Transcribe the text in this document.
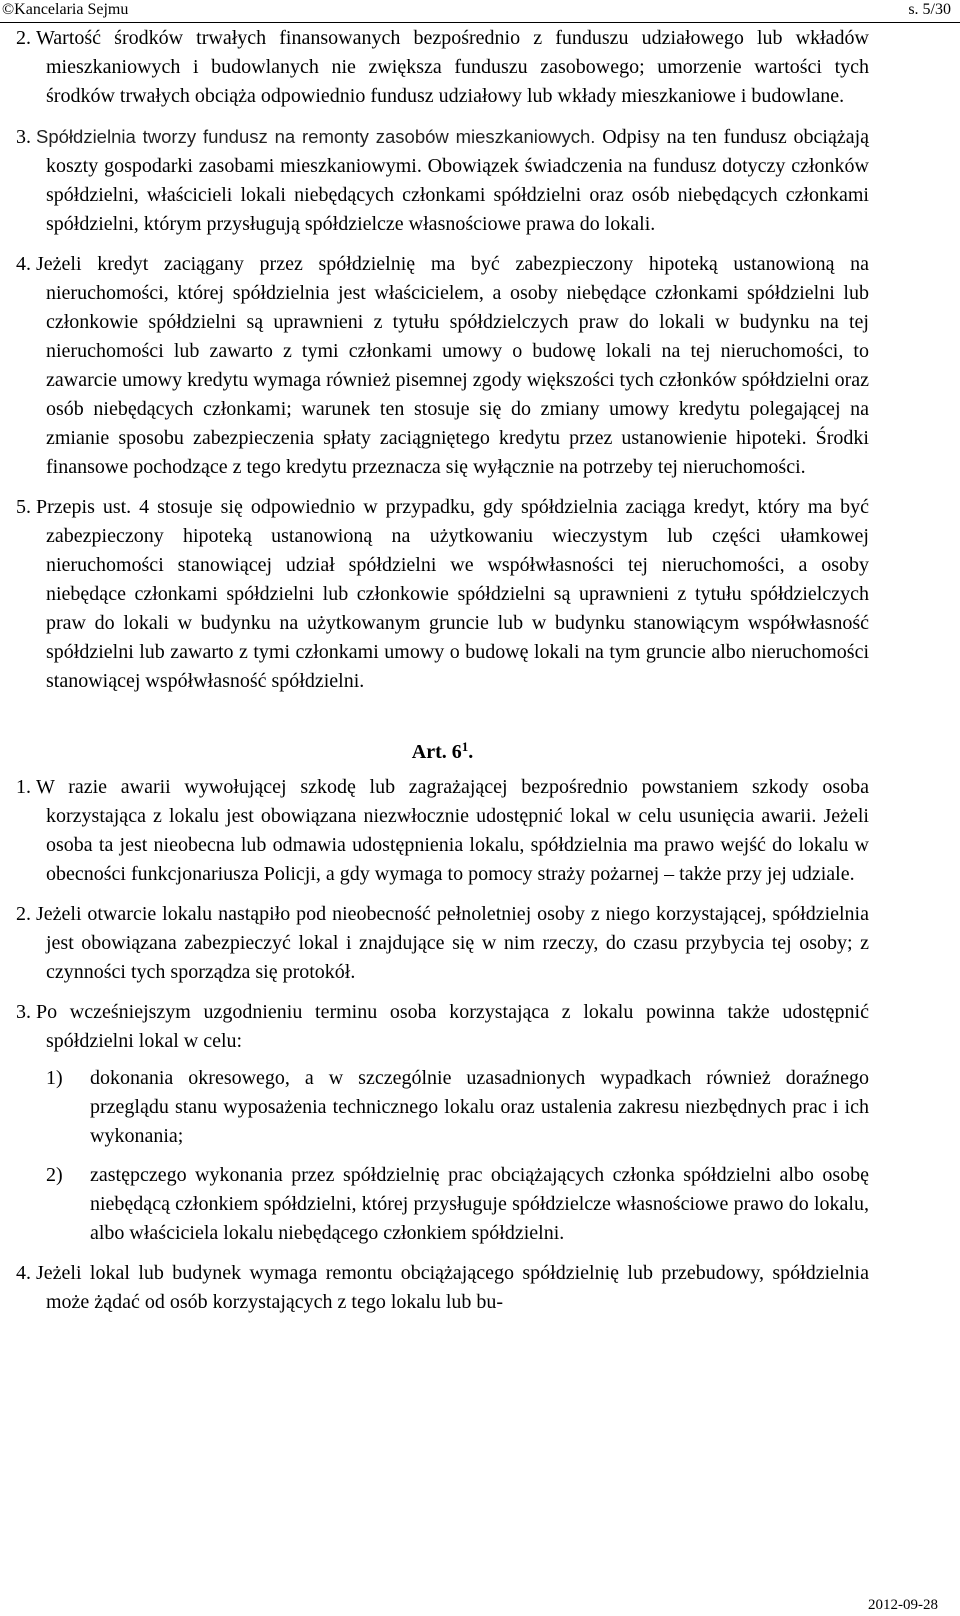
©Kancelaria Sejmu	s. 5/30

2. Wartość środków trwałych finansowanych bezpośrednio z funduszu udziałowego lub wkładów mieszkaniowych i budowlanych nie zwiększa funduszu zasobowego; umorzenie wartości tych środków trwałych obciąża odpowiednio fundusz udziałowy lub wkłady mieszkaniowe i budowlane.

3. Spółdzielnia tworzy fundusz na remonty zasobów mieszkaniowych. Odpisy na ten fundusz obciążają koszty gospodarki zasobami mieszkaniowymi. Obowiązek świadczenia na fundusz dotyczy członków spółdzielni, właścicieli lokali niebędących członkami spółdzielni oraz osób niebędących członkami spółdzielni, którym przysługują spółdzielcze własnościowe prawa do lokali.

4. Jeżeli kredyt zaciągany przez spółdzielnię ma być zabezpieczony hipoteką ustanowioną na nieruchomości, której spółdzielnia jest właścicielem, a osoby niebędące członkami spółdzielni lub członkowie spółdzielni są uprawnieni z tytułu spółdzielczych praw do lokali w budynku na tej nieruchomości lub zawarto z tymi członkami umowy o budowę lokali na tej nieruchomości, to zawarcie umowy kredytu wymaga również pisemnej zgody większości tych członków spółdzielni oraz osób niebędących członkami; warunek ten stosuje się do zmiany umowy kredytu polegającej na zmianie sposobu zabezpieczenia spłaty zaciągniętego kredytu przez ustanowienie hipoteki. Środki finansowe pochodzące z tego kredytu przeznacza się wyłącznie na potrzeby tej nieruchomości.

5. Przepis ust. 4 stosuje się odpowiednio w przypadku, gdy spółdzielnia zaciąga kredyt, który ma być zabezpieczony hipoteką ustanowioną na użytkowaniu wieczystym lub części ułamkowej nieruchomości stanowiącej udział spółdzielni we współwłasności tej nieruchomości, a osoby niebędące członkami spółdzielni lub członkowie spółdzielni są uprawnieni z tytułu spółdzielczych praw do lokali w budynku na użytkowanym gruncie lub w budynku stanowiącym współwłasność spółdzielni lub zawarto z tymi członkami umowy o budowę lokali na tym gruncie albo nieruchomości stanowiącej współwłasność spółdzielni.

Art. $6^1$.

1. W razie awarii wywołującej szkodę lub zagrażającej bezpośrednio powstaniem szkody osoba korzystająca z lokalu jest obowiązana niezwłocznie udostępnić lokal w celu usunięcia awarii. Jeżeli osoba ta jest nieobecna lub odmawia udostępnienia lokalu, spółdzielnia ma prawo wejść do lokalu w obecności funkcjonariusza Policji, a gdy wymaga to pomocy straży pożarnej – także przy jej udziale.

2. Jeżeli otwarcie lokalu nastąpiło pod nieobecność pełnoletniej osoby z niego korzystającej, spółdzielnia jest obowiązana zabezpieczyć lokal i znajdujące się w nim rzeczy, do czasu przybycia tej osoby; z czynności tych sporządza się protokół.

3. Po wcześniejszym uzgodnieniu terminu osoba korzystająca z lokalu powinna także udostępnić spółdzielni lokal w celu:

1)	dokonania okresowego, a w szczególnie uzasadnionych wypadkach również doraźnego przeglądu stanu wyposażenia technicznego lokalu oraz ustalenia zakresu niezbędnych prac i ich wykonania;
2)	zastępczego wykonania przez spółdzielnię prac obciążających członka spółdzielni albo osobę niebędącą członkiem spółdzielni, której przysługuje spółdzielcze własnościowe prawo do lokalu, albo właściciela lokalu niebędącego członkiem spółdzielni.

4. Jeżeli lokal lub budynek wymaga remontu obciążającego spółdzielnię lub przebudowy, spółdzielnia może żądać od osób korzystających z tego lokalu lub bu-

2012-09-28
